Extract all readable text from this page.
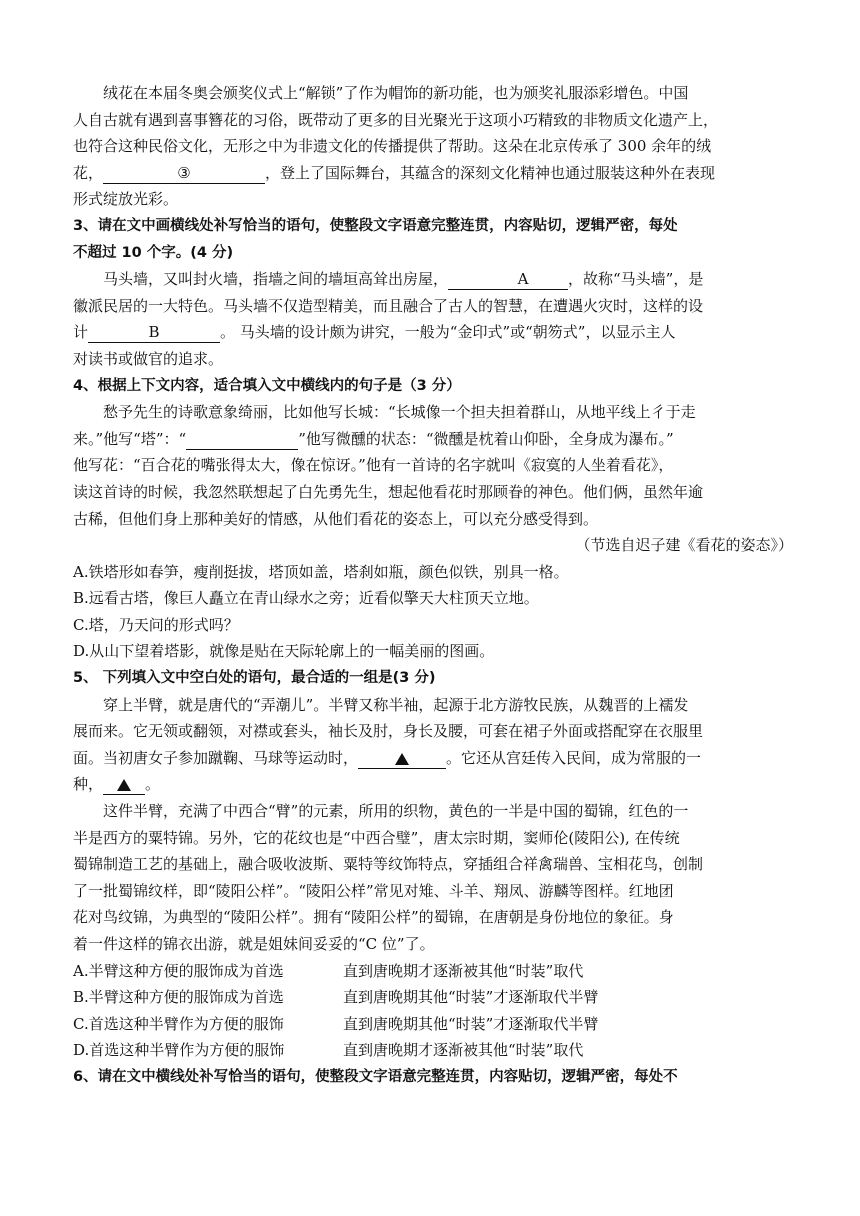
绒花在本届冬奥会颁奖仪式上“解锁”了作为帽饰的新功能，也为颁奖礼服添彩增色。中国

人自古就有遇到喜事簪花的习俗，既带动了更多的目光聚光于这项小巧精致的非物质文化遗产上，

也符合这种民俗文化，无形之中为非遗文化的传播提供了帮助。这朵在北京传承了 300 余年的绒

花，	③	，登上了国际舞台，其蕴含的深刻文化精神也通过服装这种外在表现

形式绽放光彩。

3、请在文中画横线处补写恰当的语句，使整段文字语意完整连贯，内容贴切，逻辑严密，每处

不超过 10 个字。(4 分)

马头墙，又叫封火墙，指墙之间的墙垣高耸出房屋，	A	，故称“马头墙”，是

徽派民居的一大特色。马头墙不仅造型精美，而且融合了古人的智慧，在遭遇火灾时，这样的设

计	B	。 马头墙的设计颇为讲究，一般为“金印式”或“朝笏式”，以显示主人

对读书或做官的追求。

4、根据上下文内容，适合填入文中横线内的句子是（3 分）

愁予先生的诗歌意象绮丽，比如他写长城：“长城像一个担夫担着群山，从地平线上彳于走

来。”他写“塔”：“	”他写微醺的状态：“微醺是枕着山仰卧，全身成为瀑布。”

他写花：“百合花的嘴张得太大，像在惊讶。”他有一首诗的名字就叫《寂寞的人坐着看花》，

读这首诗的时候，我忽然联想起了白先勇先生，想起他看花时那顾眷的神色。他们俩，虽然年逾

古稀，但他们身上那种美好的情感，从他们看花的姿态上，可以充分感受得到。

（节选自迟子建《看花的姿态》）

A.铁塔形如春笋，瘦削挺拔，塔顶如盖，塔刹如瓶，颜色似铁，别具一格。

B.远看古塔，像巨人矗立在青山绿水之旁；近看似擎天大柱顶天立地。

C.塔，乃天问的形式吗？

D.从山下望着塔影，就像是贴在天际轮廓上的一幅美丽的图画。

5、 下列填入文中空白处的语句，最合适的一组是(3 分)

穿上半臂，就是唐代的“弄潮儿”。半臂又称半袖，起源于北方游牧民族，从魏晋的上襦发

展而来。它无领或翻领，对襟或套头，袖长及肘，身长及腰，可套在裙子外面或搭配穿在衣服里

面。当初唐女子参加蹴鞠、马球等运动时，	。它还从宫廷传入民间，成为常服的一

种，	。

这件半臂，充满了中西合“臂”的元素，所用的织物，黄色的一半是中国的蜀锦，红色的一

半是西方的粟特锦。另外，它的花纹也是“中西合璧”，唐太宗时期，窦师伦(陵阳公), 在传统

蜀锦制造工艺的基础上，融合吸收波斯、粟特等纹饰特点，穿插组合祥禽瑞兽、宝相花鸟，创制

了一批蜀锦纹样，即“陵阳公样”。“陵阳公样”常见对雉、斗羊、翔凤、游麟等图样。红地团

花对鸟纹锦，为典型的“陵阳公样”。拥有“陵阳公样”的蜀锦，在唐朝是身份地位的象征。身

着一件这样的锦衣出游，就是姐妹间妥妥的“C 位”了。

A.半臂这种方便的服饰成为首选	直到唐晚期才逐渐被其他“时装”取代

B.半臂这种方便的服饰成为首选	直到唐晚期其他“时装”才逐渐取代半臂

C.首选这种半臂作为方便的服饰	直到唐晚期其他“时装”才逐渐取代半臂

D.首选这种半臂作为方便的服饰	直到唐晚期才逐渐被其他“时装”取代

6、请在文中横线处补写恰当的语句，使整段文字语意完整连贯，内容贴切，逻辑严密，每处不
